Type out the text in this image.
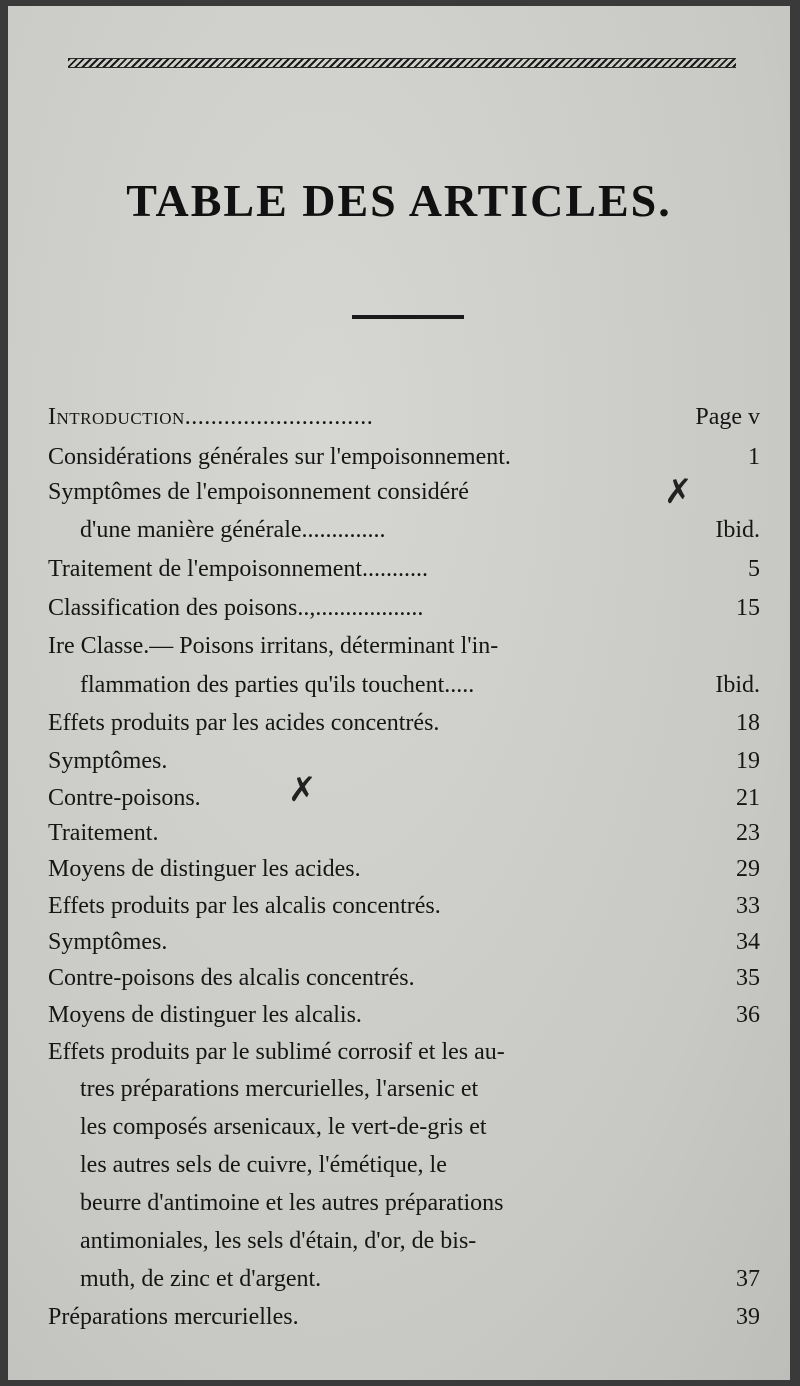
TABLE DES ARTICLES.
Introduction.............................	Page v
Considérations générales sur l'empoisonnement.	1
Symptômes de l'empoisonnement considéré
d'une manière générale..............	Ibid.
Traitement de l'empoisonnement...........	5
Classification des poisons..,..................	15
Ire Classe.— Poisons irritans, déterminant l'in-
flammation des parties qu'ils touchent.....	Ibid.
Effets produits par les acides concentrés.	18
Symptômes.	19
Contre-poisons.	21
Traitement.	23
Moyens de distinguer les acides.	29
Effets produits par les alcalis concentrés.	33
Symptômes.	34
Contre-poisons des alcalis concentrés.	35
Moyens de distinguer les alcalis.	36
Effets produits par le sublimé corrosif et les au-
tres préparations mercurielles, l'arsenic et
les composés arsenicaux, le vert-de-gris et
les autres sels de cuivre, l'émétique, le
beurre d'antimoine et les autres préparations
antimoniales, les sels d'étain, d'or, de bis-
muth, de zinc et d'argent.	37
Préparations mercurielles.	39
✗
✗
